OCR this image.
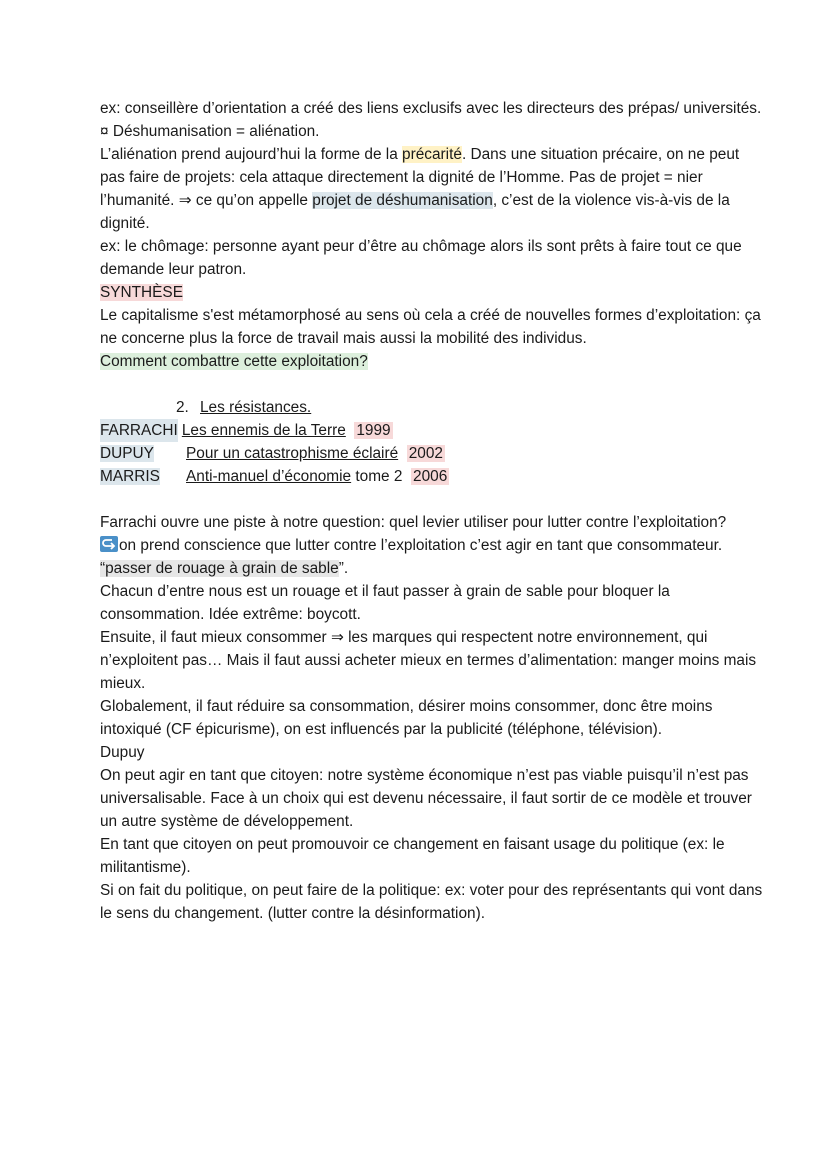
ex: conseillère d’orientation a créé des liens exclusifs avec les directeurs des prépas/ universités.

¤ Déshumanisation = aliénation.

L’aliénation prend aujourd’hui la forme de la précarité. Dans une situation précaire, on ne peut pas faire de projets: cela attaque directement la dignité de l’Homme. Pas de projet = nier l’humanité. ⇒ ce qu’on appelle projet de déshumanisation, c’est de la violence vis-à-vis de la dignité.

ex: le chômage: personne ayant peur d’être au chômage alors ils sont prêts à faire tout ce que demande leur patron.

SYNTHÈSE

Le capitalisme s'est métamorphosé au sens où cela a créé de nouvelles formes d’exploitation: ça ne concerne plus la force de travail mais aussi la mobilité des individus.

Comment combattre cette exploitation?

2. Les résistances.

FARRACHI Les ennemis de la Terre 1999

DUPUY Pour un catastrophisme éclairé 2002

MARRIS Anti-manuel d’économie tome 2 2006

Farrachi ouvre une piste à notre question: quel levier utiliser pour lutter contre l’exploitation?

on prend conscience que lutter contre l’exploitation c’est agir en tant que consommateur.

“passer de rouage à grain de sable”.

Chacun d’entre nous est un rouage et il faut passer à grain de sable pour bloquer la consommation. Idée extrême: boycott.

Ensuite, il faut mieux consommer ⇒ les marques qui respectent notre environnement, qui n’exploitent pas… Mais il faut aussi acheter mieux en termes d’alimentation: manger moins mais mieux.

Globalement, il faut réduire sa consommation, désirer moins consommer, donc être moins intoxiqué (CF épicurisme), on est influencés par la publicité (téléphone, télévision).

Dupuy

On peut agir en tant que citoyen: notre système économique n’est pas viable puisqu’il n’est pas universalisable. Face à un choix qui est devenu nécessaire, il faut sortir de ce modèle et trouver un autre système de développement.

En tant que citoyen on peut promouvoir ce changement en faisant usage du politique (ex: le militantisme).

Si on fait du politique, on peut faire de la politique: ex: voter pour des représentants qui vont dans le sens du changement. (lutter contre la désinformation).
